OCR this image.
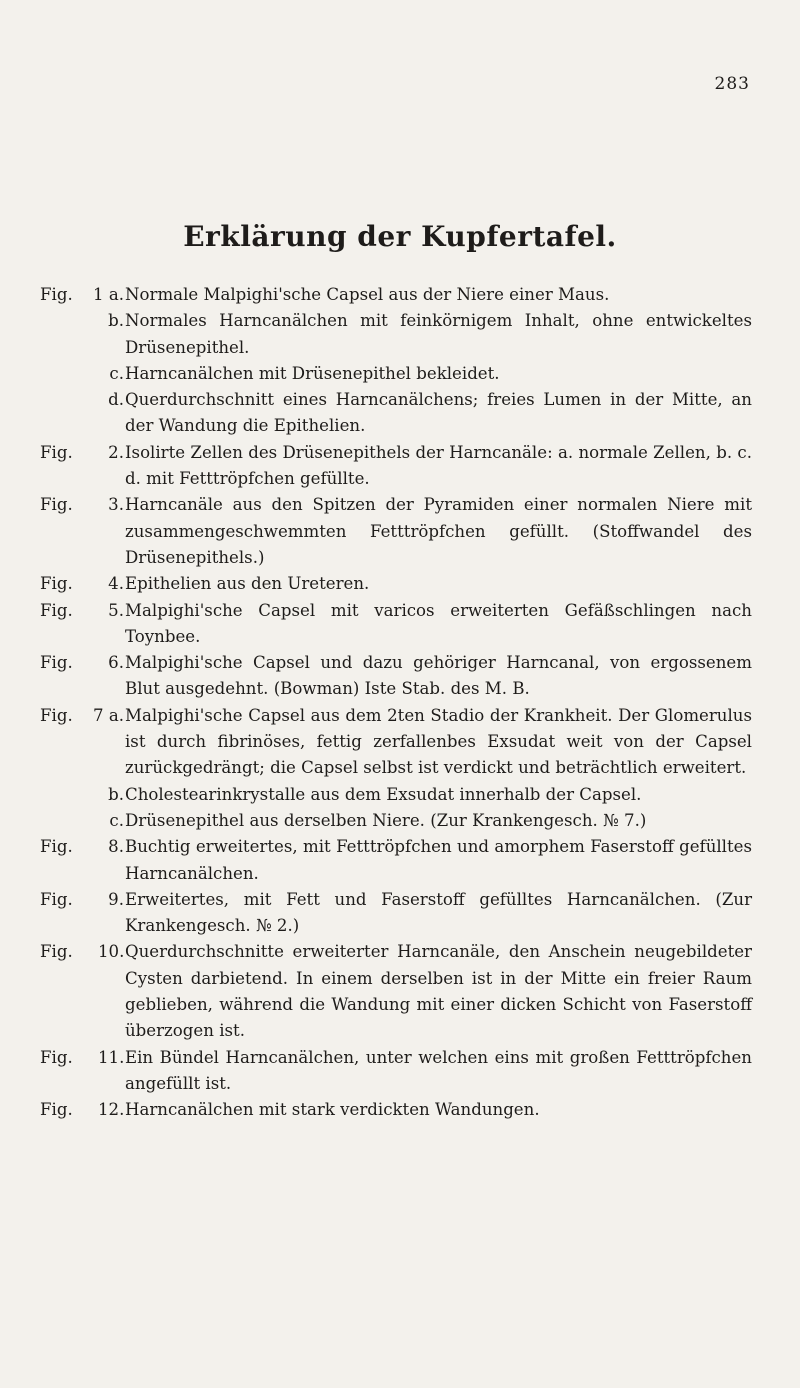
283
Erklärung der Kupfertafel.
Fig.	1 a. Normale Malpighi'sche Capsel aus der Niere einer Maus.
b. Normales Harncanälchen mit feinkörnigem Inhalt, ohne entwickeltes Drüsenepithel.
c. Harncanälchen mit Drüsenepithel bekleidet.
d. Querdurchschnitt eines Harncanälchens; freies Lumen in der Mitte, an der Wandung die Epithelien.
Fig.	2. Isolirte Zellen des Drüsenepithels der Harncanäle: a. normale Zellen, b. c. d. mit Fetttröpfchen gefüllte.
Fig.	3. Harncanäle aus den Spitzen der Pyramiden einer normalen Niere mit zusammengeschwemmten Fetttröpfchen gefüllt. (Stoffwandel des Drüsenepithels.)
Fig.	4. Epithelien aus den Ureteren.
Fig.	5. Malpighi'sche Capsel mit varicos erweiterten Gefäßschlingen nach Toynbee.
Fig.	6. Malpighi'sche Capsel und dazu gehöriger Harncanal, von ergossenem Blut ausgedehnt. (Bowman) Iste Stab. des M. B.
Fig.	7 a. Malpighi'sche Capsel aus dem 2ten Stadio der Krankheit. Der Glomerulus ist durch fibrinöses, fettig zerfallenbes Exsudat weit von der Capsel zurückgedrängt; die Capsel selbst ist verdickt und beträchtlich erweitert.
b. Cholestearinkrystalle aus dem Exsudat innerhalb der Capsel.
c. Drüsenepithel aus derselben Niere. (Zur Krankengesch. № 7.)
Fig.	8. Buchtig erweitertes, mit Fetttröpfchen und amorphem Faserstoff gefülltes Harncanälchen.
Fig.	9. Erweitertes, mit Fett und Faserstoff gefülltes Harncanälchen. (Zur Krankengesch. № 2.)
Fig. 10. Querdurchschnitte erweiterter Harncanäle, den Anschein neugebildeter Cysten darbietend. In einem derselben ist in der Mitte ein freier Raum geblieben, während die Wandung mit einer dicken Schicht von Faserstoff überzogen ist.
Fig. 11. Ein Bündel Harncanälchen, unter welchen eins mit großen Fetttröpfchen angefüllt ist.
Fig. 12. Harncanälchen mit stark verdickten Wandungen.
